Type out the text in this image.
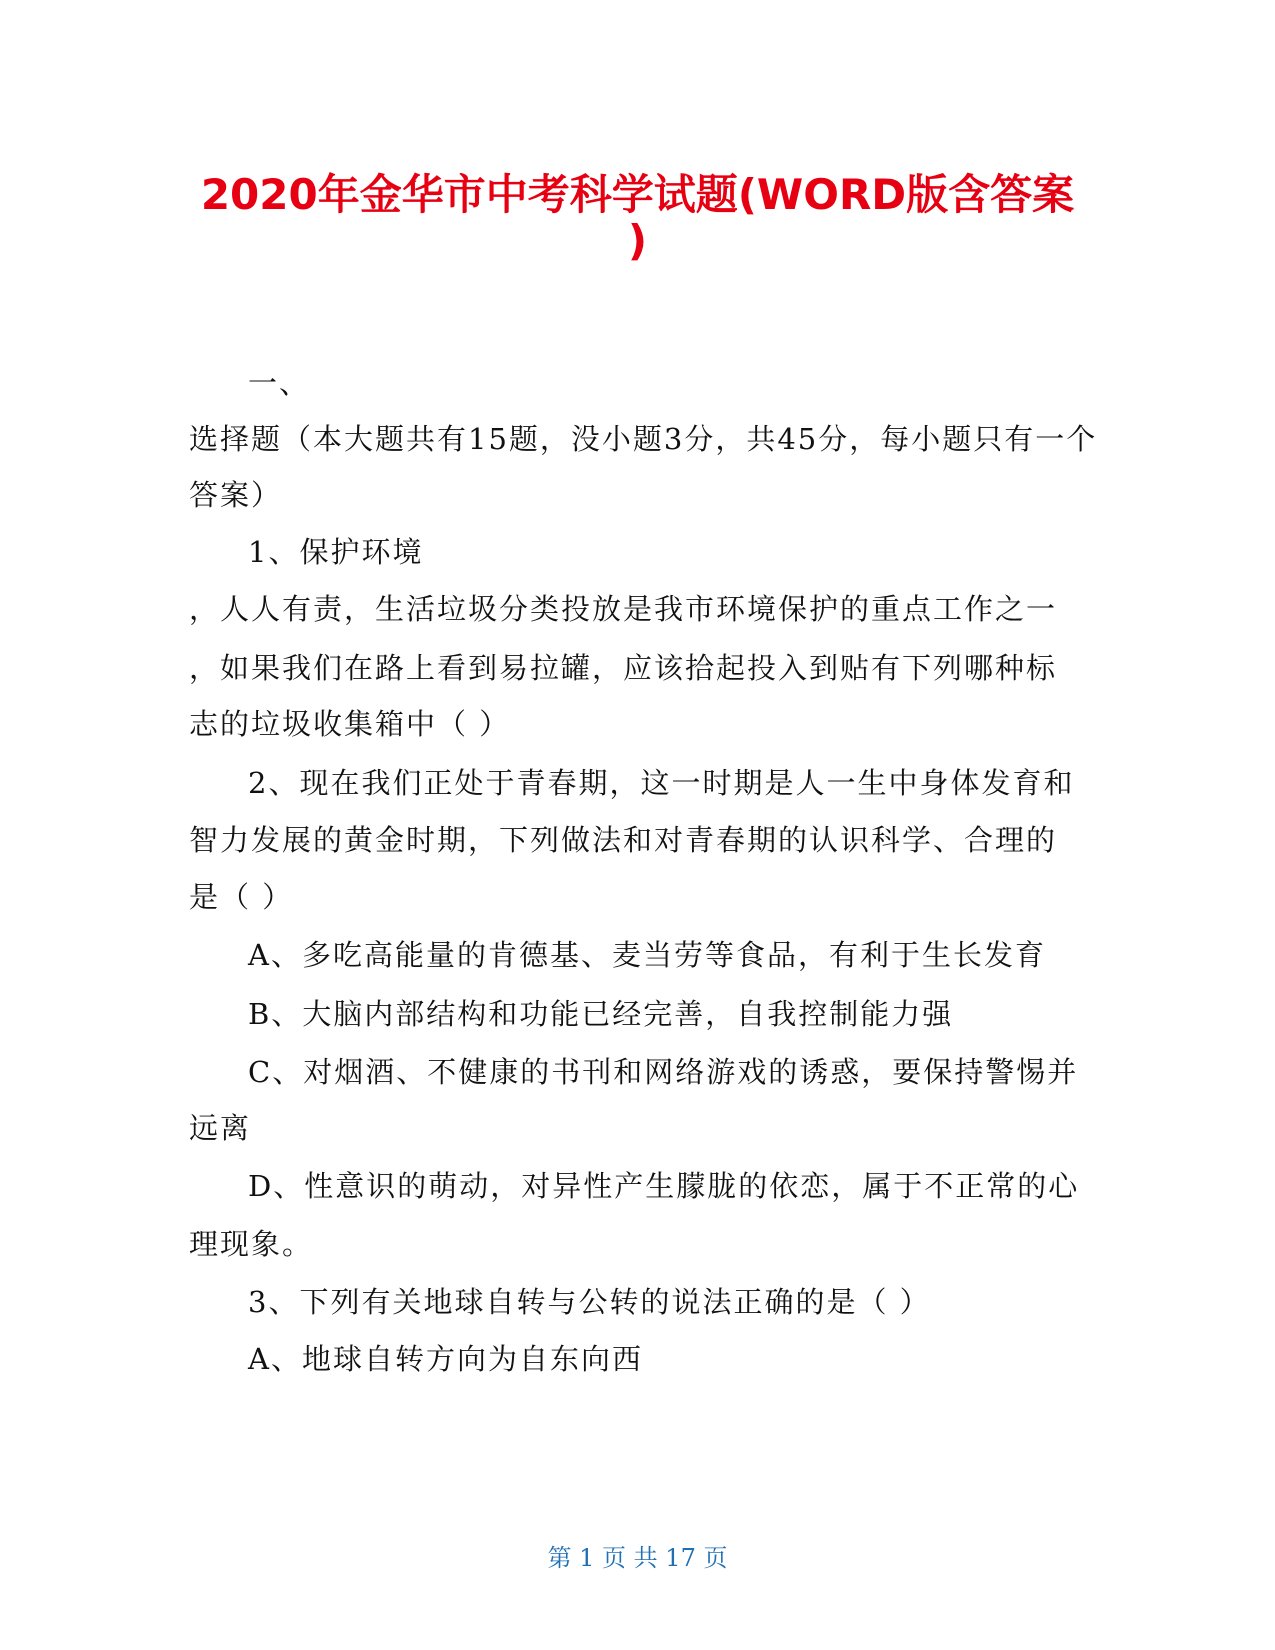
2020年金华市中考科学试题(WORD版含答案
)
一、
选择题（本大题共有15题，没小题3分，共45分，每小题只有一个
答案）
1、保护环境
，人人有责，生活垃圾分类投放是我市环境保护的重点工作之一
，如果我们在路上看到易拉罐，应该拾起投入到贴有下列哪种标
志的垃圾收集箱中（ ）
2、现在我们正处于青春期，这一时期是人一生中身体发育和
智力发展的黄金时期，下列做法和对青春期的认识科学、合理的
是（ ）
A、多吃高能量的肯德基、麦当劳等食品，有利于生长发育
B、大脑内部结构和功能已经完善，自我控制能力强
C、对烟酒、不健康的书刊和网络游戏的诱惑，要保持警惕并
远离
D、性意识的萌动，对异性产生朦胧的依恋，属于不正常的心
理现象。
3、下列有关地球自转与公转的说法正确的是（ ）
A、地球自转方向为自东向西
第 1 页 共 17 页
